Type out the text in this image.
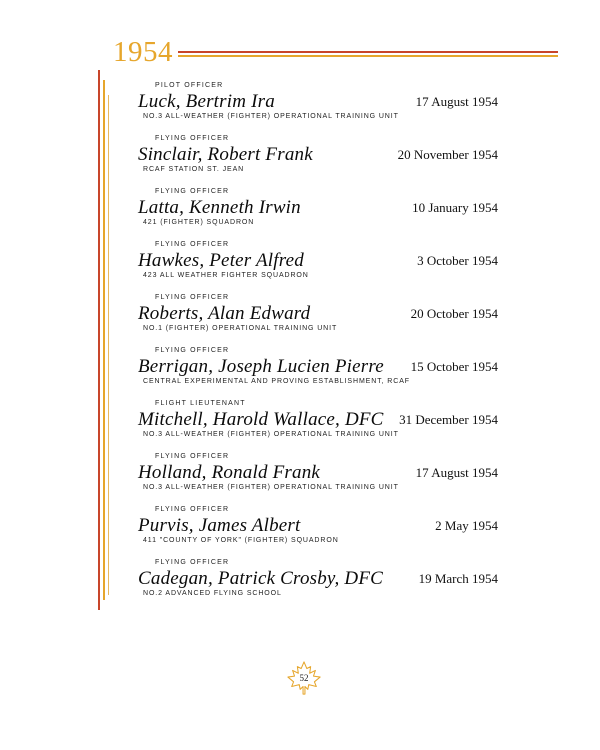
1954
PILOT OFFICER
Luck, Bertrim Ira	17 August 1954
NO.3 ALL-WEATHER (FIGHTER) OPERATIONAL TRAINING UNIT
FLYING OFFICER
Sinclair, Robert Frank	20 November 1954
RCAF STATION ST. JEAN
FLYING OFFICER
Latta, Kenneth Irwin	10 January 1954
421 (FIGHTER) SQUADRON
FLYING OFFICER
Hawkes, Peter Alfred	3 October 1954
423 ALL WEATHER FIGHTER SQUADRON
FLYING OFFICER
Roberts, Alan Edward	20 October 1954
NO.1 (FIGHTER) OPERATIONAL TRAINING UNIT
FLYING OFFICER
Berrigan, Joseph Lucien Pierre 15 October 1954
CENTRAL EXPERIMENTAL AND PROVING ESTABLISHMENT, RCAF
FLIGHT LIEUTENANT
Mitchell, Harold Wallace, DFC 31 December 1954
NO.3 ALL-WEATHER (FIGHTER) OPERATIONAL TRAINING UNIT
FLYING OFFICER
Holland, Ronald Frank	17 August 1954
NO.3 ALL-WEATHER (FIGHTER) OPERATIONAL TRAINING UNIT
FLYING OFFICER
Purvis, James Albert	2 May 1954
411 "COUNTY OF YORK" (FIGHTER) SQUADRON
FLYING OFFICER
Cadegan, Patrick Crosby, DFC	19 March 1954
NO.2 ADVANCED FLYING SCHOOL
52
